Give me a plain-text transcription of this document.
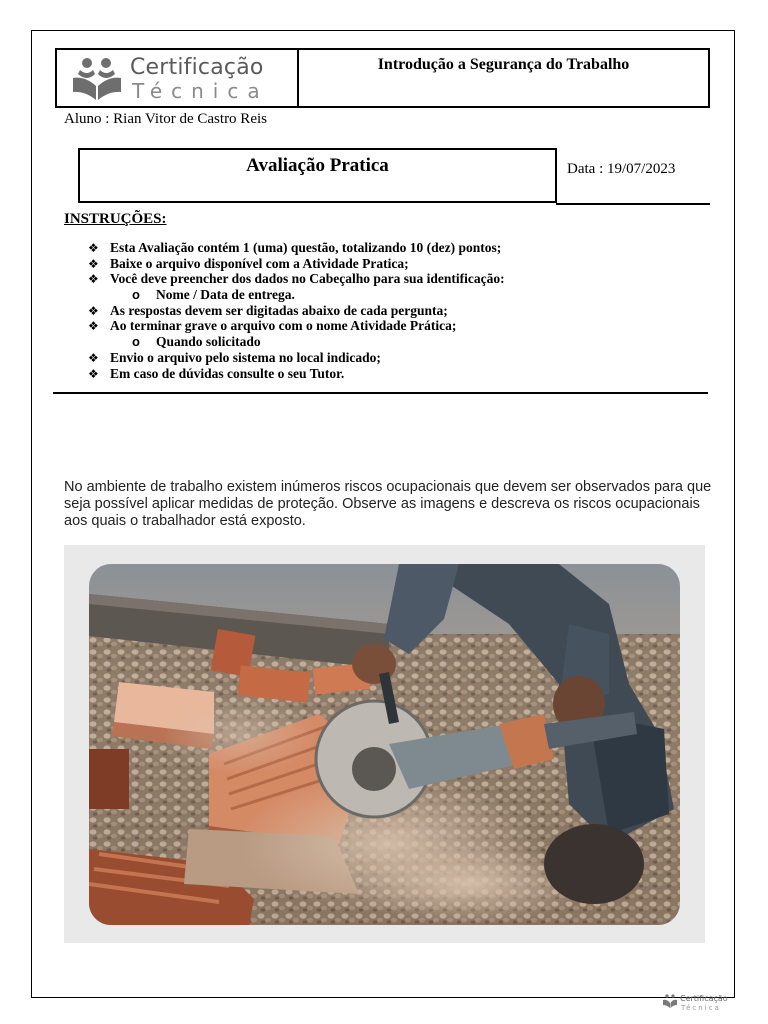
Certificação
Técnica
Introdução a Segurança do Trabalho
Aluno : Rian Vitor de Castro Reis
Avaliação Pratica	Data : 19/07/2023
INSTRUÇÕES:
❖ Esta Avaliação contém 1 (uma) questão, totalizando 10 (dez) pontos;
❖ Baixe o arquivo disponível com a Atividade Pratica;
❖ Você deve preencher dos dados no Cabeçalho para sua identificação:
o Nome / Data de entrega.
❖ As respostas devem ser digitadas abaixo de cada pergunta;
❖ Ao terminar grave o arquivo com o nome Atividade Prática;
o Quando solicitado
❖ Envio o arquivo pelo sistema no local indicado;
❖ Em caso de dúvidas consulte o seu Tutor.
No ambiente de trabalho existem inúmeros riscos ocupacionais que devem ser observados para que seja possível aplicar medidas de proteção. Observe as imagens e descreva os riscos ocupacionais aos quais o trabalhador está exposto.
Certificação
Técnica
